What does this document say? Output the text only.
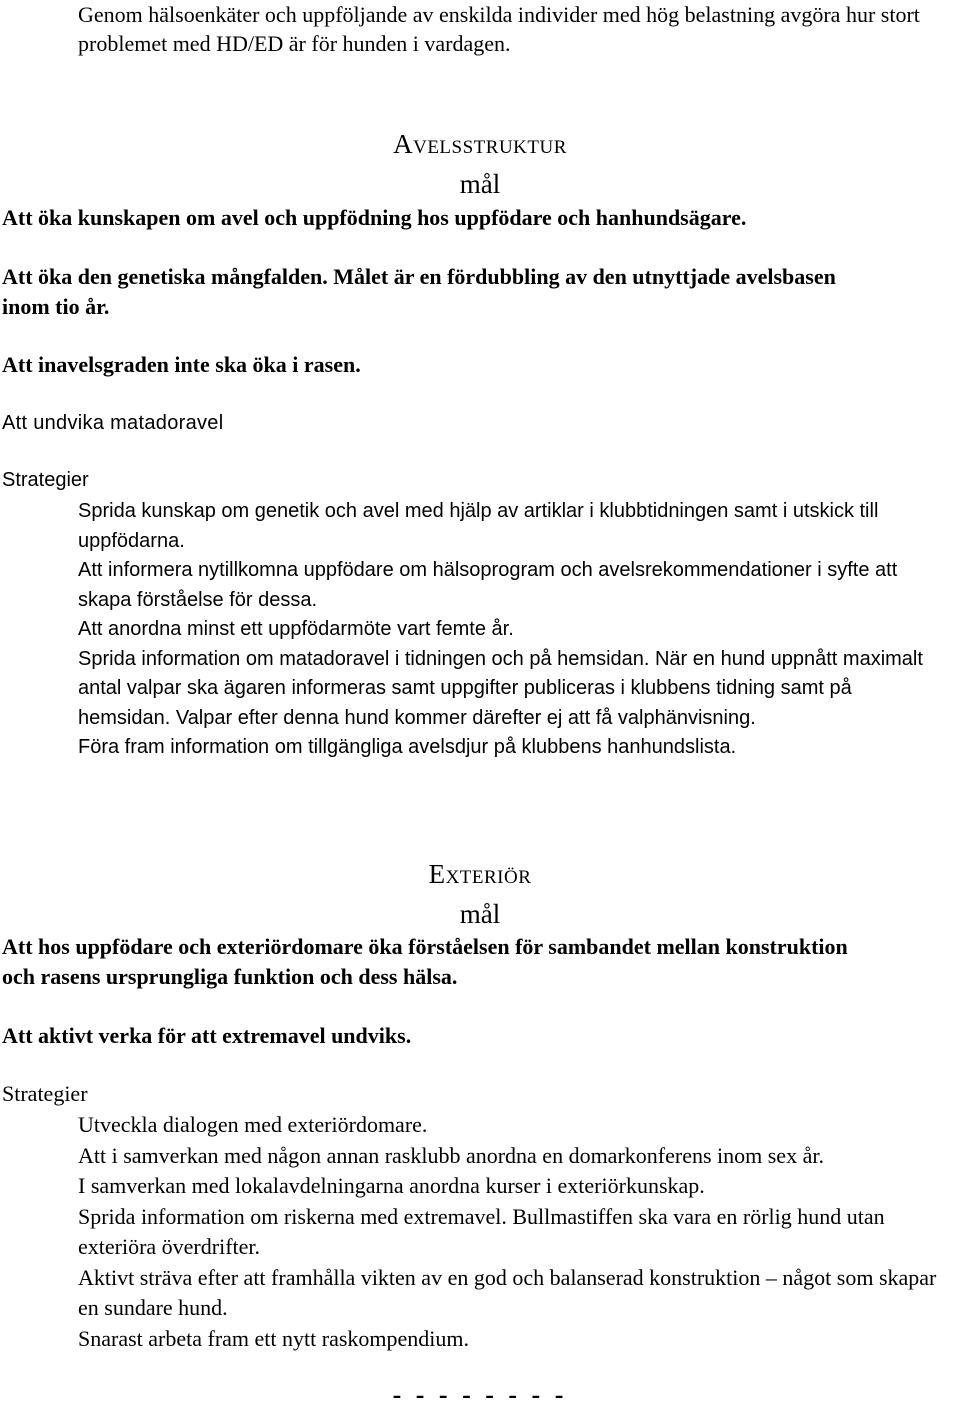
Genom hälsoenkäter och uppföljande av enskilda individer med hög belastning avgöra hur stort problemet med HD/ED är för hunden i vardagen.
Avelsstruktur
mål
Att öka kunskapen om avel och uppfödning hos uppfödare och hanhundsägare.
Att öka den genetiska mångfalden. Målet är en fördubbling av den utnyttjade avelsbasen inom tio år.
Att inavelsgraden inte ska öka i rasen.
Att undvika matadoravel
Strategier
Sprida kunskap om genetik och avel med hjälp av artiklar i klubbtidningen samt i utskick till uppfödarna.
Att informera nytillkomna uppfödare om hälsoprogram och avelsrekommendationer i syfte att skapa förståelse för dessa.
Att anordna minst ett uppfödarmöte vart femte år.
Sprida information om matadoravel i tidningen och på hemsidan. När en hund uppnått maximalt antal valpar ska ägaren informeras samt uppgifter publiceras i klubbens tidning samt på hemsidan. Valpar efter denna hund kommer därefter ej att få valphänvisning.
Föra fram information om tillgängliga avelsdjur på klubbens hanhundslista.
Exteriör
mål
Att hos uppfödare och exteriördomare öka förståelsen för sambandet mellan konstruktion och rasens ursprungliga funktion och dess hälsa.
Att aktivt verka för att extremavel undviks.
Strategier
Utveckla dialogen med exteriördomare.
Att i samverkan med någon annan rasklubb anordna en domarkonferens inom sex år.
I samverkan med lokalavdelningarna anordna kurser i exteriörkunskap.
Sprida information om riskerna med extremavel. Bullmastiffen ska vara en rörlig hund utan exteriöra överdrifter.
Aktivt sträva efter att framhålla vikten av en god och balanserad konstruktion – något som skapar en sundare hund.
Snarast arbeta fram ett nytt raskompendium.
- - - - - - - -
